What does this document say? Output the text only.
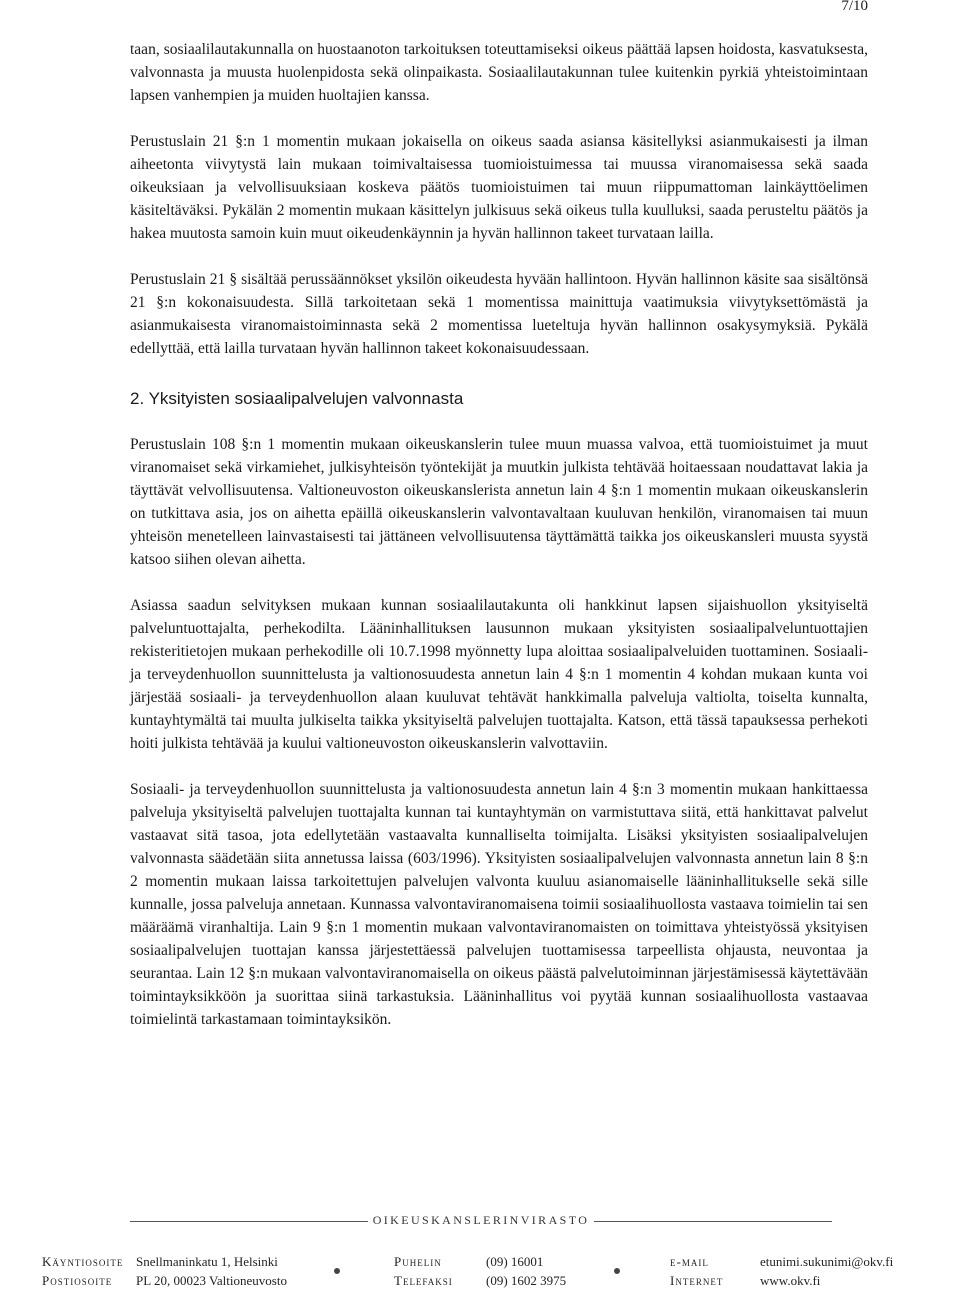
7/10

taan, sosiaalilautakunnalla on huostaanoton tarkoituksen toteuttamiseksi oikeus päättää lapsen hoidosta, kasvatuksesta, valvonnasta ja muusta huolenpidosta sekä olinpaikasta. Sosiaalilautakunnan tulee kuitenkin pyrkiä yhteistoimintaan lapsen vanhempien ja muiden huoltajien kanssa.

Perustuslain 21 §:n 1 momentin mukaan jokaisella on oikeus saada asiansa käsitellyksi asianmukaisesti ja ilman aiheetonta viivytystä lain mukaan toimivaltaisessa tuomioistuimessa tai muussa viranomaisessa sekä saada oikeuksiaan ja velvollisuuksiaan koskeva päätös tuomioistuimen tai muun riippumattoman lainkäyttöelimen käsiteltäväksi. Pykälän 2 momentin mukaan käsittelyn julkisuus sekä oikeus tulla kuulluksi, saada perusteltu päätös ja hakea muutosta samoin kuin muut oikeudenkäynnin ja hyvän hallinnon takeet turvataan lailla.

Perustuslain 21 § sisältää perussäännökset yksilön oikeudesta hyvään hallintoon. Hyvän hallinnon käsite saa sisältönsä 21 §:n kokonaisuudesta. Sillä tarkoitetaan sekä 1 momentissa mainittuja vaatimuksia viivytyksettömästä ja asianmukaisesta viranomaistoiminnasta sekä 2 momentissa lueteltuja hyvän hallinnon osakysymyksiä. Pykälä edellyttää, että lailla turvataan hyvän hallinnon takeet kokonaisuudessaan.

2. Yksityisten sosiaalipalvelujen valvonnasta

Perustuslain 108 §:n 1 momentin mukaan oikeuskanslerin tulee muun muassa valvoa, että tuomioistuimet ja muut viranomaiset sekä virkamiehet, julkisyhteisön työntekijät ja muutkin julkista tehtävää hoitaessaan noudattavat lakia ja täyttävät velvollisuutensa. Valtioneuvoston oikeuskanslerista annetun lain 4 §:n 1 momentin mukaan oikeuskanslerin on tutkittava asia, jos on aihetta epäillä oikeuskanslerin valvontavaltaan kuuluvan henkilön, viranomaisen tai muun yhteisön menetelleen lainvastaisesti tai jättäneen velvollisuutensa täyttämättä taikka jos oikeuskansleri muusta syystä katsoo siihen olevan aihetta.

Asiassa saadun selvityksen mukaan kunnan sosiaalilautakunta oli hankkinut lapsen sijaishuollon yksityiseltä palveluntuottajalta, perhekodilta. Lääninhallituksen lausunnon mukaan yksityisten sosiaalipalveluntuottajien rekisteritietojen mukaan perhekodille oli 10.7.1998 myönnetty lupa aloittaa sosiaalipalveluiden tuottaminen. Sosiaali- ja terveydenhuollon suunnittelusta ja valtionosuudesta annetun lain 4 §:n 1 momentin 4 kohdan mukaan kunta voi järjestää sosiaali- ja terveydenhuollon alaan kuuluvat tehtävät hankkimalla palveluja valtiolta, toiselta kunnalta, kuntayhtymältä tai muulta julkiselta taikka yksityiseltä palvelujen tuottajalta. Katson, että tässä tapauksessa perhekoti hoiti julkista tehtävää ja kuului valtioneuvoston oikeuskanslerin valvottaviin.

Sosiaali- ja terveydenhuollon suunnittelusta ja valtionosuudesta annetun lain 4 §:n 3 momentin mukaan hankittaessa palveluja yksityiseltä palvelujen tuottajalta kunnan tai kuntayhtymän on varmistuttava siitä, että hankittavat palvelut vastaavat sitä tasoa, jota edellytetään vastaavalta kunnalliselta toimijalta. Lisäksi yksityisten sosiaalipalvelujen valvonnasta säädetään siita annetussa laissa (603/1996). Yksityisten sosiaalipalvelujen valvonnasta annetun lain 8 §:n 2 momentin mukaan laissa tarkoitettujen palvelujen valvonta kuuluu asianomaiselle lääninhallitukselle sekä sille kunnalle, jossa palveluja annetaan. Kunnassa valvontaviranomaisena toimii sosiaalihuollosta vastaava toimielin tai sen määräämä viranhaltija. Lain 9 §:n 1 momentin mukaan valvontaviranomaisten on toimittava yhteistyössä yksityisen sosiaalipalvelujen tuottajan kanssa järjestettäessä palvelujen tuottamisessa tarpeellista ohjausta, neuvontaa ja seurantaa. Lain 12 §:n mukaan valvontaviranomaisella on oikeus päästä palvelutoiminnan järjestämisessä käytettävään toimintayksikköön ja suorittaa siinä tarkastuksia. Lääninhallitus voi pyytää kunnan sosiaalihuollosta vastaavaa toimielintä tarkastamaan toimintayksikön.

OIKEUSKANSLERINVIRASTO
Käyntiosoite Snellmaninkatu 1, Helsinki
Postiosoite PL 20, 00023 Valtioneuvosto
Puhelin	(09) 16001
Telefaksi	(09) 1602 3975
e-mail	etunimi.sukunimi@okv.fi
Internet	www.okv.fi
